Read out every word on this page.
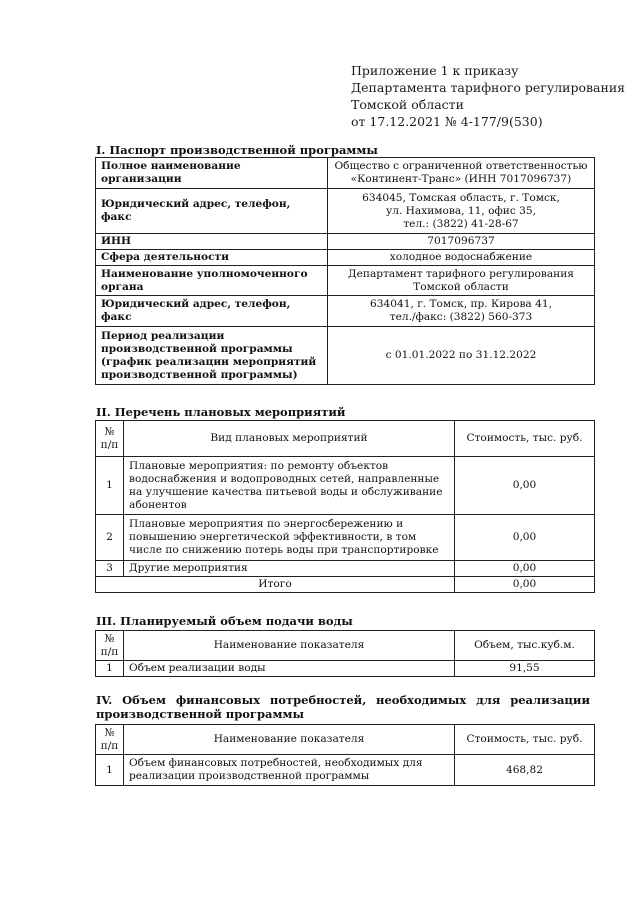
Приложение 1 к приказу
Департамента тарифного регулирования
Томской области
от 17.12.2021 № 4-177/9(530)
I. Паспорт производственной программы
Полное наименование организации	Общество с ограниченной ответственностью
«Континент-Транс» (ИНН 7017096737)

Юридический адрес, телефон, факс	634045, Томская область, г. Томск,
ул. Нахимова, 11, офис 35,
тел.: (3822) 41-28-67

ИНН	7017096737
Сфера деятельности	холодное водоснабжение
Наименование уполномоченного органа	Департамент тарифного регулирования
Томской области

Юридический адрес, телефон, факс	634041, г. Томск, пр. Кирова 41,
тел./факс: (3822) 560-373

Период реализации производственной программы (график реализации мероприятий производственной программы)	с 01.01.2022 по 31.12.2022
II. Перечень плановых мероприятий
№ п/п	Вид плановых мероприятий	Стоимость, тыс. руб.
1	Плановые мероприятия: по ремонту объектов водоснабжения и водопроводных сетей, направленные на улучшение качества питьевой воды и обслуживание абонентов	0,00
2	Плановые мероприятия по энергосбережению и повышению энергетической эффективности, в том числе по снижению потерь воды при транспортировке	0,00
3	Другие мероприятия	0,00
Итого		0,00
III. Планируемый объем подачи воды
№ п/п	Наименование показателя	Объем, тыс.куб.м.
1	Объем реализации воды	91,55
IV. Объем финансовых потребностей, необходимых для реализации
производственной программы
№ п/п	Наименование показателя	Стоимость, тыс. руб.
1	Объем финансовых потребностей, необходимых для реализации производственной программы	468,82
